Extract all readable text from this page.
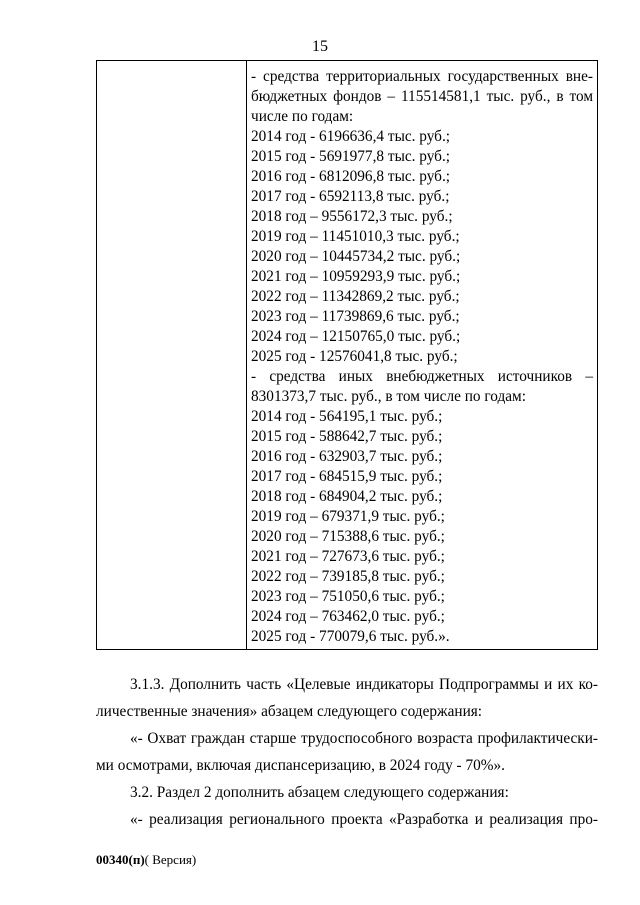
15
- средства территориальных государственных вне-
бюджетных фондов – 115514581,1 тыс. руб., в том
числе по годам:
2014 год - 6196636,4 тыс. руб.;
2015 год - 5691977,8 тыс. руб.;
2016 год - 6812096,8 тыс. руб.;
2017 год - 6592113,8 тыс. руб.;
2018 год – 9556172,3 тыс. руб.;
2019 год – 11451010,3 тыс. руб.;
2020 год – 10445734,2 тыс. руб.;
2021 год – 10959293,9 тыс. руб.;
2022 год – 11342869,2 тыс. руб.;
2023 год – 11739869,6 тыс. руб.;
2024 год – 12150765,0 тыс. руб.;
2025 год - 12576041,8 тыс. руб.;
- средства иных внебюджетных источников –
8301373,7 тыс. руб., в том числе по годам:
2014 год - 564195,1 тыс. руб.;
2015 год - 588642,7 тыс. руб.;
2016 год - 632903,7 тыс. руб.;
2017 год - 684515,9 тыс. руб.;
2018 год - 684904,2 тыс. руб.;
2019 год – 679371,9 тыс. руб.;
2020 год – 715388,6 тыс. руб.;
2021 год – 727673,6 тыс. руб.;
2022 год – 739185,8 тыс. руб.;
2023 год – 751050,6 тыс. руб.;
2024 год – 763462,0 тыс. руб.;
2025 год - 770079,6 тыс. руб.».
3.1.3. Дополнить часть «Целевые индикаторы Подпрограммы и их ко-
личественные значения» абзацем следующего содержания:
«- Охват граждан старше трудоспособного возраста профилактически-
ми осмотрами, включая диспансеризацию, в 2024 году - 70%».
3.2. Раздел 2 дополнить абзацем следующего содержания:
«- реализация регионального проекта «Разработка и реализация про-
00340(п)( Версия)
